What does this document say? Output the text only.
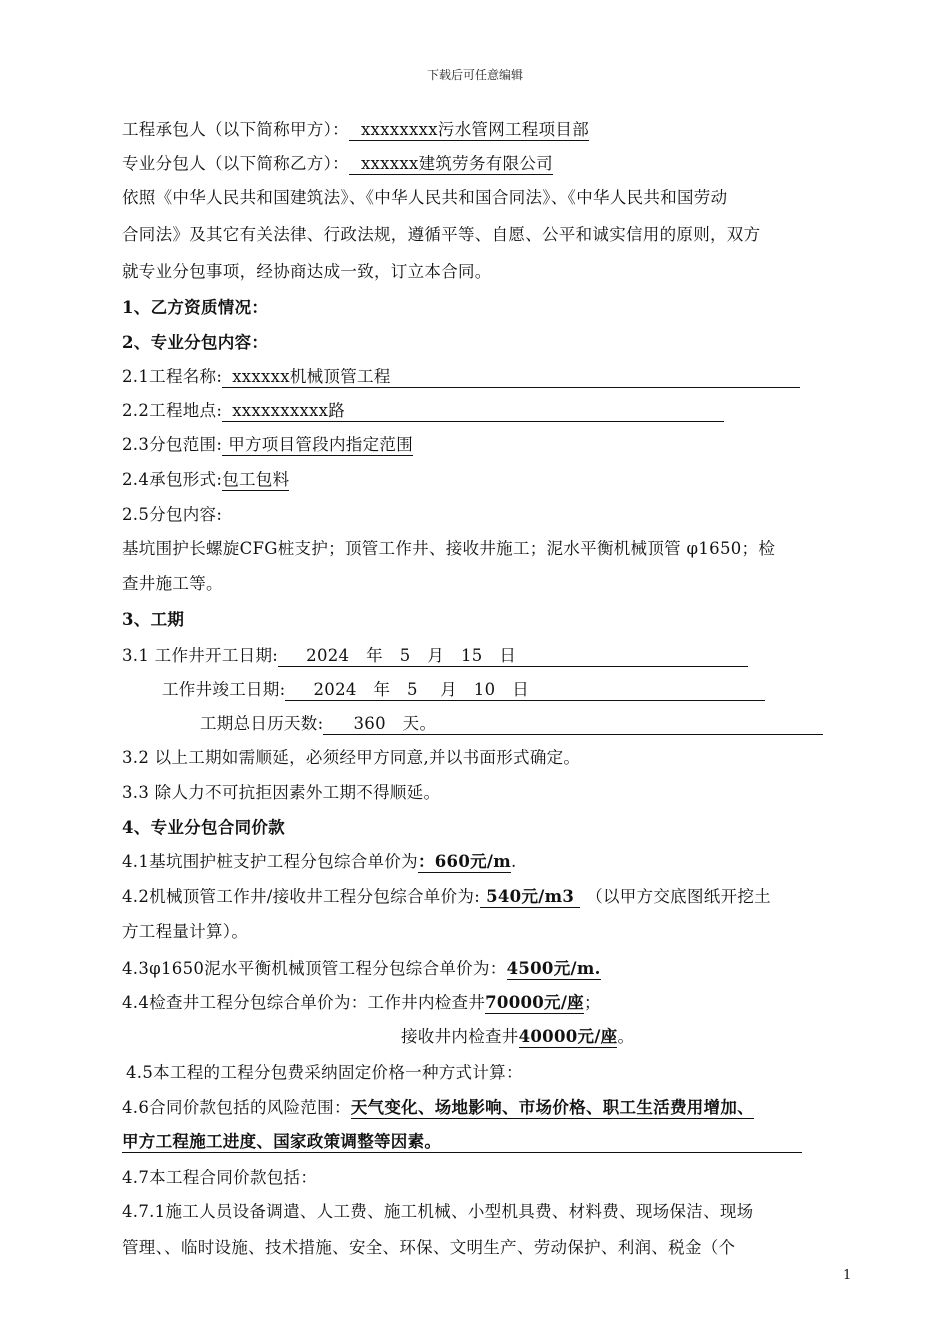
下载后可任意编辑
工程承包人（以下简称甲方）： xxxxxxxx污水管网工程项目部
专业分包人（以下简称乙方）： xxxxxx建筑劳务有限公司
依照《中华人民共和国建筑法》、《中华人民共和国合同法》、《中华人民共和国劳动
合同法》及其它有关法律、行政法规，遵循平等、自愿、公平和诚实信用的原则，双方
就专业分包事项，经协商达成一致，订立本合同。
1、乙方资质情况：
2、专业分包内容：
2.1工程名称: xxxxxx机械顶管工程
2.2工程地点: xxxxxxxxxx路
2.3分包范围: 甲方项目管段内指定范围
2.4承包形式:包工包料
2.5分包内容:
基坑围护长螺旋CFG桩支护；顶管工作井、接收井施工；泥水平衡机械顶管 φ1650；检
查井施工等。
3、工期
3.1 工作井开工日期: 2024　年　5　月　15　日
工作井竣工日期: 2024　年　5　 月　10　日
工期总日历天数: 360　天。
3.2 以上工期如需顺延，必须经甲方同意,并以书面形式确定。
3.3 除人力不可抗拒因素外工期不得顺延。
4、专业分包合同价款
4.1基坑围护桩支护工程分包综合单价为：660元/m.
4.2机械顶管工作井/接收井工程分包综合单价为: 540元/m3 （以甲方交底图纸开挖土
方工程量计算）。
4.3φ1650泥水平衡机械顶管工程分包综合单价为：4500元/m.
4.4检查井工程分包综合单价为：工作井内检查井70000元/座；
接收井内检查井40000元/座。
4.5本工程的工程分包费采纳固定价格一种方式计算：
4.6合同价款包括的风险范围：天气变化、场地影响、市场价格、职工生活费用增加、
甲方工程施工进度、国家政策调整等因素。
4.7本工程合同价款包括：
4.7.1施工人员设备调遣、人工费、施工机械、小型机具费、材料费、现场保洁、现场
管理、、临时设施、技术措施、安全、环保、文明生产、劳动保护、利润、税金（个
1
